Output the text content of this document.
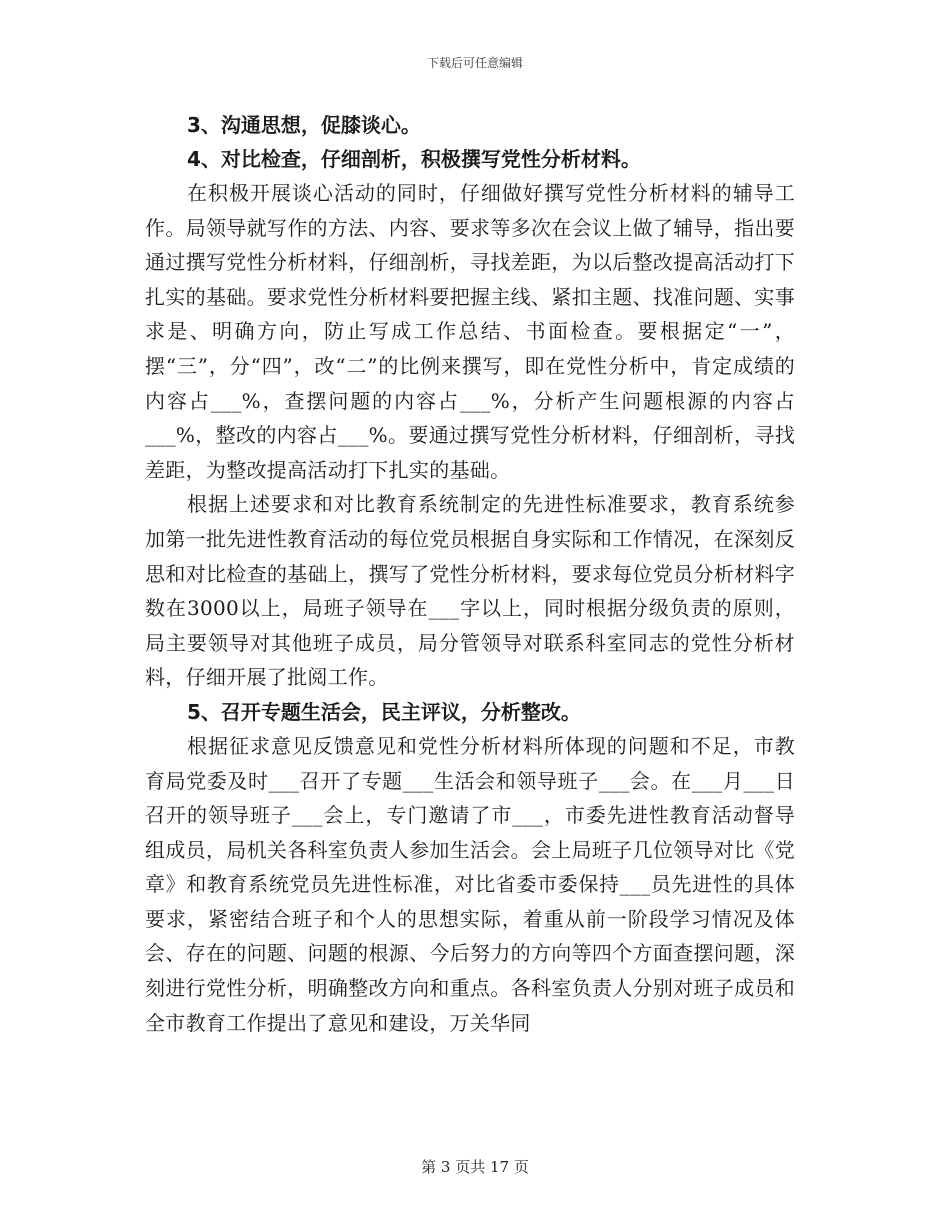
下载后可任意编辑

3、沟通思想，促膝谈心。

4、对比检查，仔细剖析，积极撰写党性分析材料。

在积极开展谈心活动的同时，仔细做好撰写党性分析材料的辅导工作。局领导就写作的方法、内容、要求等多次在会议上做了辅导，指出要通过撰写党性分析材料，仔细剖析，寻找差距，为以后整改提高活动打下扎实的基础。要求党性分析材料要把握主线、紧扣主题、找准问题、实事求是、明确方向，防止写成工作总结、书面检查。要根据定“一”，摆“三”，分“四”，改“二”的比例来撰写，即在党性分析中，肯定成绩的内容占___%，查摆问题的内容占___%，分析产生问题根源的内容占___%，整改的内容占___%。要通过撰写党性分析材料，仔细剖析，寻找差距，为整改提高活动打下扎实的基础。

根据上述要求和对比教育系统制定的先进性标准要求，教育系统参加第一批先进性教育活动的每位党员根据自身实际和工作情况，在深刻反思和对比检查的基础上，撰写了党性分析材料，要求每位党员分析材料字数在3000以上，局班子领导在___字以上，同时根据分级负责的原则，局主要领导对其他班子成员，局分管领导对联系科室同志的党性分析材料，仔细开展了批阅工作。

5、召开专题生活会，民主评议，分析整改。

根据征求意见反馈意见和党性分析材料所体现的问题和不足，市教育局党委及时___召开了专题___生活会和领导班子___会。在___月___日召开的领导班子___会上，专门邀请了市___，市委先进性教育活动督导组成员，局机关各科室负责人参加生活会。会上局班子几位领导对比《党章》和教育系统党员先进性标准，对比省委市委保持___员先进性的具体要求，紧密结合班子和个人的思想实际，着重从前一阶段学习情况及体会、存在的问题、问题的根源、今后努力的方向等四个方面查摆问题，深刻进行党性分析，明确整改方向和重点。各科室负责人分别对班子成员和全市教育工作提出了意见和建设，万关华同

第 3 页共 17 页
